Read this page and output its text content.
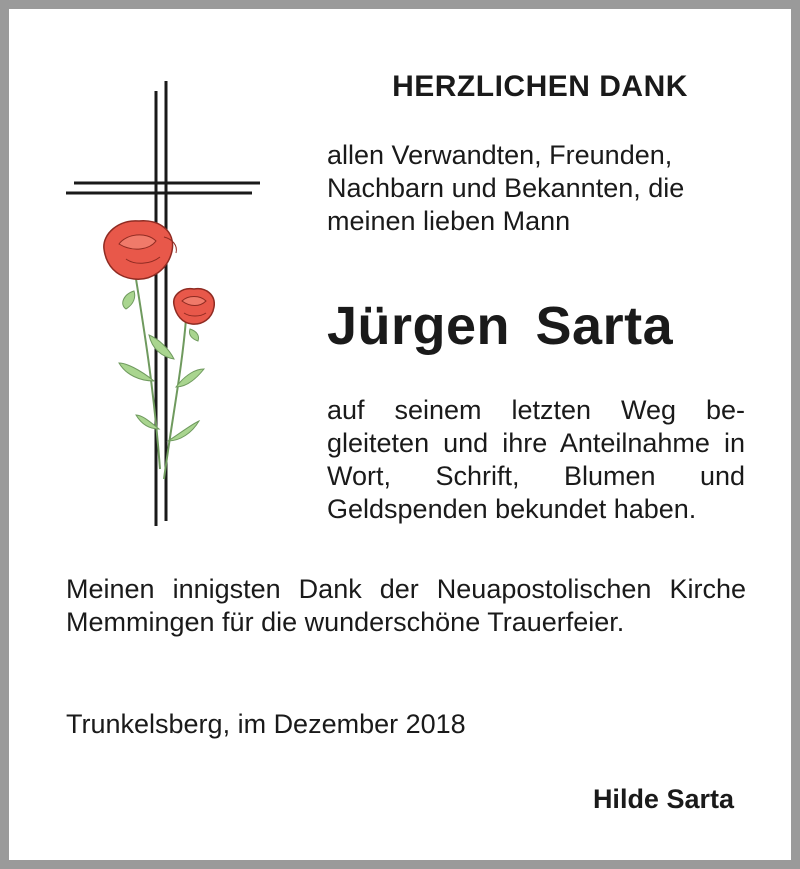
HERZLICHEN DANK
allen Verwandten, Freunden, Nachbarn und Bekannten, die meinen lieben Mann
Jürgen Sarta
auf seinem letzten Weg begleiteten und ihre Anteilnahme in Wort, Schrift, Blumen und Geldspenden bekundet haben.
Meinen innigsten Dank der Neuapostolischen Kirche Memmingen für die wunderschöne Trauerfeier.
Trunkelsberg, im Dezember 2018
Hilde Sarta
